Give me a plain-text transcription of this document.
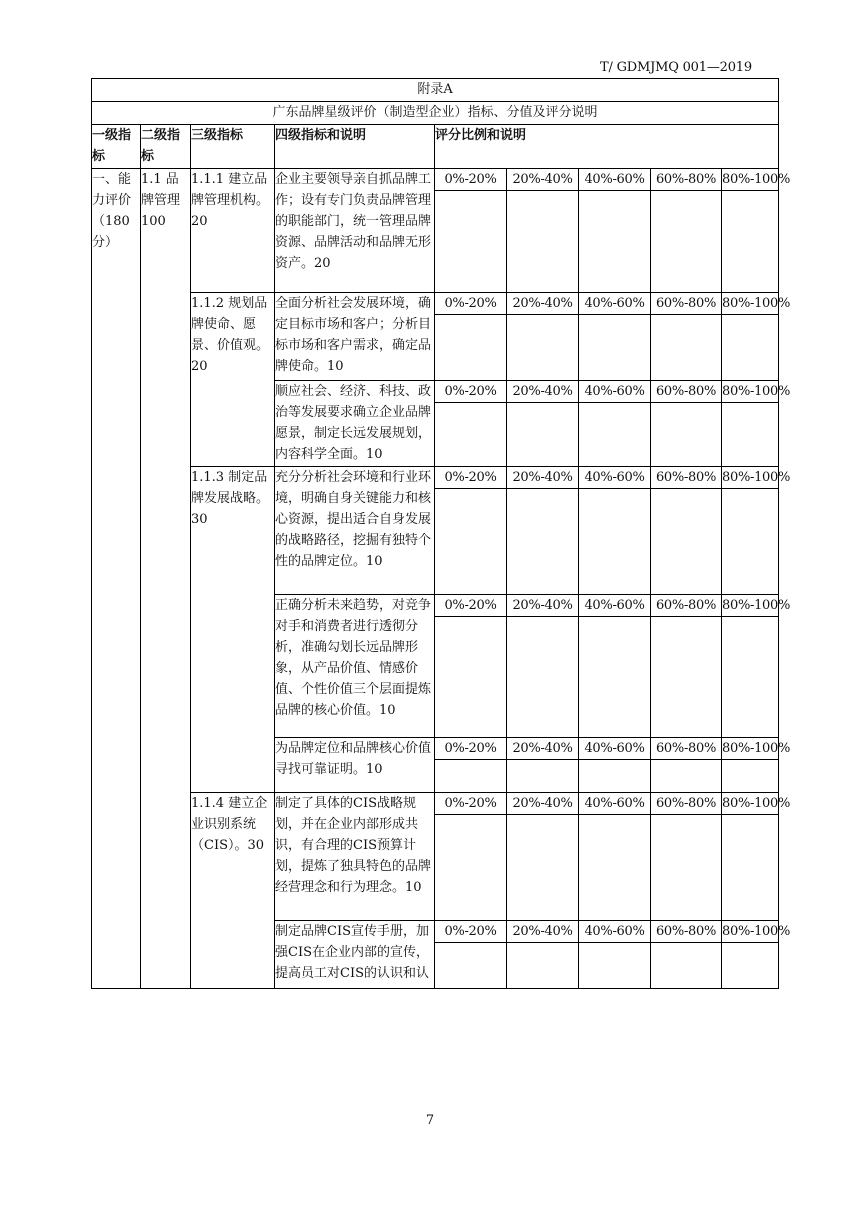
T/ GDMJMQ 001—2019
附录A								
广东品牌星级评价（制造型企业）指标、分值及评分说明								
一级指标	二级指标	三级指标	四级指标和说明	评分比例和说明				
一、能力评价（180分）	1.1 品牌管理100	1.1.1 建立品牌管理机构。20	企业主要领导亲自抓品牌工作；设有专门负责品牌管理的职能部门，统一管理品牌资源、品牌活动和品牌无形资产。20	0%-20%	20%-40%	40%-60%	60%-80%	80%-100%

		1.1.2 规划品牌使命、愿景、价值观。20	全面分析社会发展环境，确定目标市场和客户；分析目标市场和客户需求，确定品牌使命。10	0%-20%	20%-40%	40%-60%	60%-80%	80%-100%

			顺应社会、经济、科技、政治等发展要求确立企业品牌愿景，制定长远发展规划，内容科学全面。10	0%-20%	20%-40%	40%-60%	60%-80%	80%-100%

		1.1.3 制定品牌发展战略。30	充分分析社会环境和行业环境，明确自身关键能力和核心资源，提出适合自身发展的战略路径，挖掘有独特个性的品牌定位。10	0%-20%	20%-40%	40%-60%	60%-80%	80%-100%

			正确分析未来趋势，对竞争对手和消费者进行透彻分析，准确勾划长远品牌形象，从产品价值、情感价值、个性价值三个层面提炼品牌的核心价值。10	0%-20%	20%-40%	40%-60%	60%-80%	80%-100%

			为品牌定位和品牌核心价值寻找可靠证明。10	0%-20%	20%-40%	40%-60%	60%-80%	80%-100%

		1.1.4 建立企业识别系统（CIS）。30	制定了具体的CIS战略规划，并在企业内部形成共识，有合理的CIS预算计划，提炼了独具特色的品牌经营理念和行为理念。10	0%-20%	20%-40%	40%-60%	60%-80%	80%-100%

			制定品牌CIS宣传手册，加强CIS在企业内部的宣传，提高员工对CIS的认识和认	0%-20%	20%-40%	40%-60%	60%-80%	80%-100%

7
